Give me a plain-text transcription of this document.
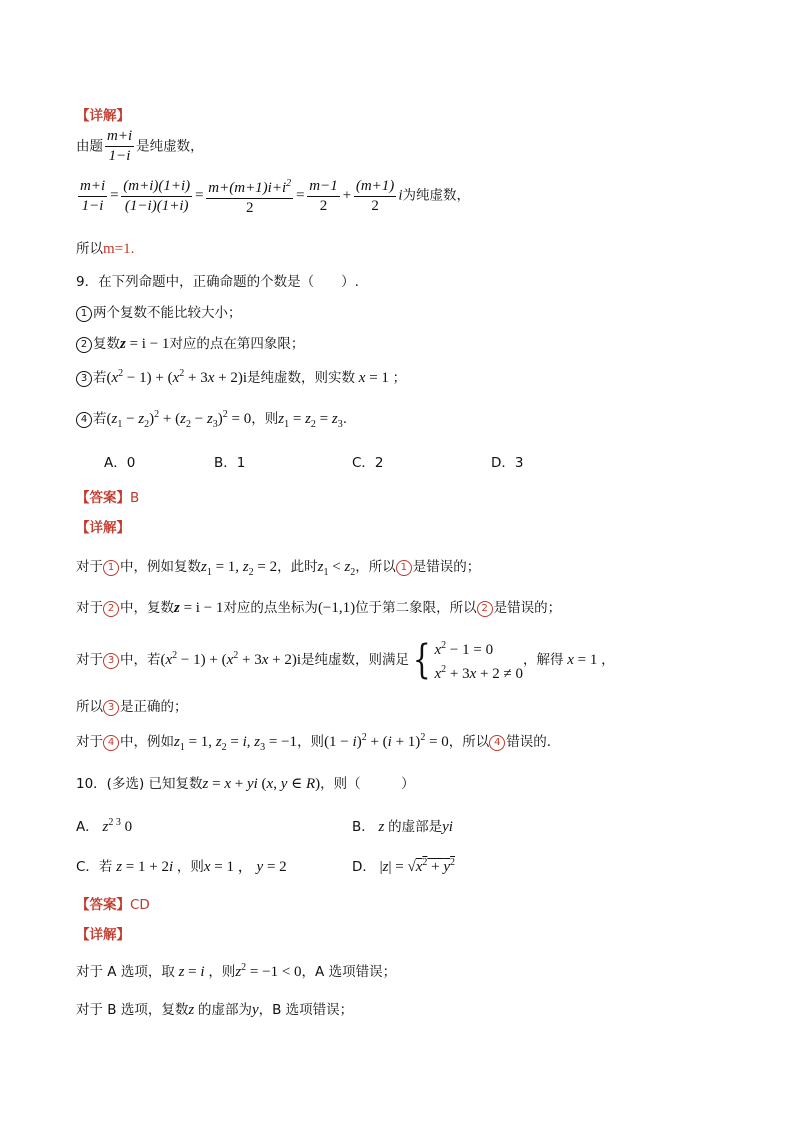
【详解】
由题 $\frac{m+i}{1-i}$ 是纯虚数，
$\frac{m+i}{1-i} = \frac{(m+i)(1+i)}{(1-i)(1+i)} = \frac{m+(m+1)i+i^2}{2} = \frac{m-1}{2} + \frac{(m+1)}{2}$ i为纯虚数，
所以m=1.
9．在下列命题中，正确命题的个数是（　　）.
1 两个复数不能比较大小；
2 复数z = i − 1对应的点在第四象限；
3 若$(x^2 - 1) + (x^2 + 3x + 2)i$是纯虚数，则实数 x = 1 ；
4 若$(z_1 - z_2)^2 + (z_2 - z_3)^2 = 0$，则$z_1 = z_2 = z_3$.
A．0	B．1	C．2	D．3
【答案】B
【详解】
对于 1 中，例如复数$z_1 = 1$, $z_2 = 2$，此时$z_1 < z_2$，所以 1 是错误的；
对于 2 中，复数z = i − 1对应的点坐标为(−1,1)位于第二象限，所以 2 是错误的；
对于 3 中，若$(x^2 - 1) + (x^2 + 3x + 2)i$是纯虚数，则满足 { $x^2 - 1 = 0$
$x^2 + 3x + 2 \ne 0$
，解得 x = 1 ，
所以 3 是正确的；
对于 4 中，例如$z_1 = 1$, $z_2 = i$, $z_3 = -1$，则$(1 - i)^2 + (i + 1)^2 = 0$，所以 4 错误的.
10．(多选) 已知复数z = x + yi (x, y ∈ R)，则（　　　）
A． $z^{2 3}$ 0	B． z 的虚部是yi
C．若 z = 1 + 2i ，则x = 1 ， y = 2	D． $|z| = √x^2 + y^2$
【答案】CD
【详解】
对于 A 选项，取 z = i ，则$z^2 = -1 < 0$，A 选项错误；
对于 B 选项，复数z 的虚部为y，B 选项错误；
